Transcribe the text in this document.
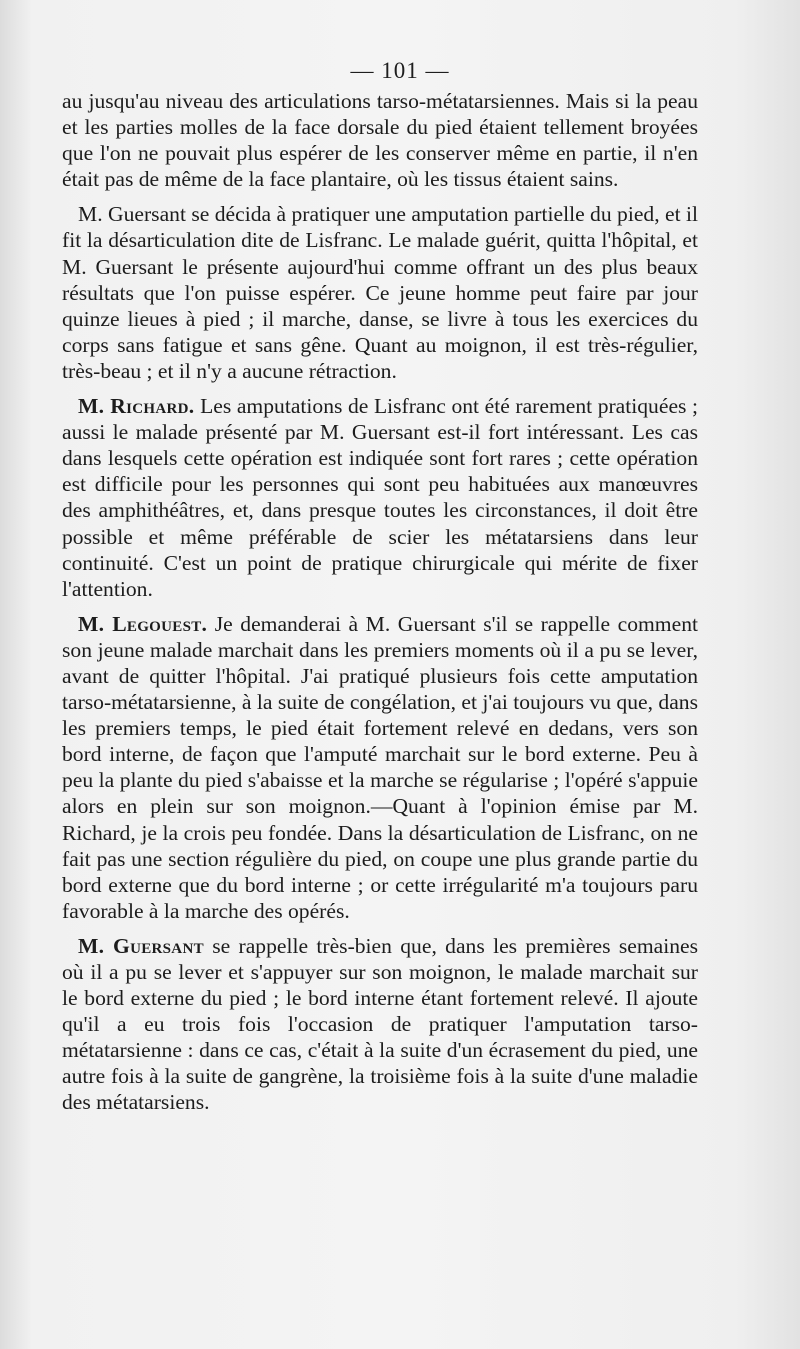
— 101 —

au jusqu'au niveau des articulations tarso-métatarsiennes. Mais si la peau et les parties molles de la face dorsale du pied étaient tellement broyées que l'on ne pouvait plus espérer de les conserver même en partie, il n'en était pas de même de la face plantaire, où les tissus étaient sains.

M. Guersant se décida à pratiquer une amputation partielle du pied, et il fit la désarticulation dite de Lisfranc. Le malade guérit, quitta l'hôpital, et M. Guersant le présente aujourd'hui comme offrant un des plus beaux résultats que l'on puisse espérer. Ce jeune homme peut faire par jour quinze lieues à pied ; il marche, danse, se livre à tous les exercices du corps sans fatigue et sans gêne. Quant au moignon, il est très-régulier, très-beau ; et il n'y a aucune rétraction.

M. Richard. Les amputations de Lisfranc ont été rarement pratiquées ; aussi le malade présenté par M. Guersant est-il fort intéressant. Les cas dans lesquels cette opération est indiquée sont fort rares ; cette opération est difficile pour les personnes qui sont peu habituées aux manœuvres des amphithéâtres, et, dans presque toutes les circonstances, il doit être possible et même préférable de scier les métatarsiens dans leur continuité. C'est un point de pratique chirurgicale qui mérite de fixer l'attention.

M. Legouest. Je demanderai à M. Guersant s'il se rappelle comment son jeune malade marchait dans les premiers moments où il a pu se lever, avant de quitter l'hôpital. J'ai pratiqué plusieurs fois cette amputation tarso-métatarsienne, à la suite de congélation, et j'ai toujours vu que, dans les premiers temps, le pied était fortement relevé en dedans, vers son bord interne, de façon que l'amputé marchait sur le bord externe. Peu à peu la plante du pied s'abaisse et la marche se régularise ; l'opéré s'appuie alors en plein sur son moignon.—Quant à l'opinion émise par M. Richard, je la crois peu fondée. Dans la désarticulation de Lisfranc, on ne fait pas une section régulière du pied, on coupe une plus grande partie du bord externe que du bord interne ; or cette irrégularité m'a toujours paru favorable à la marche des opérés.

M. Guersant se rappelle très-bien que, dans les premières semaines où il a pu se lever et s'appuyer sur son moignon, le malade marchait sur le bord externe du pied ; le bord interne étant fortement relevé. Il ajoute qu'il a eu trois fois l'occasion de pratiquer l'amputation tarso-métatarsienne : dans ce cas, c'était à la suite d'un écrasement du pied, une autre fois à la suite de gangrène, la troisième fois à la suite d'une maladie des métatarsiens.
